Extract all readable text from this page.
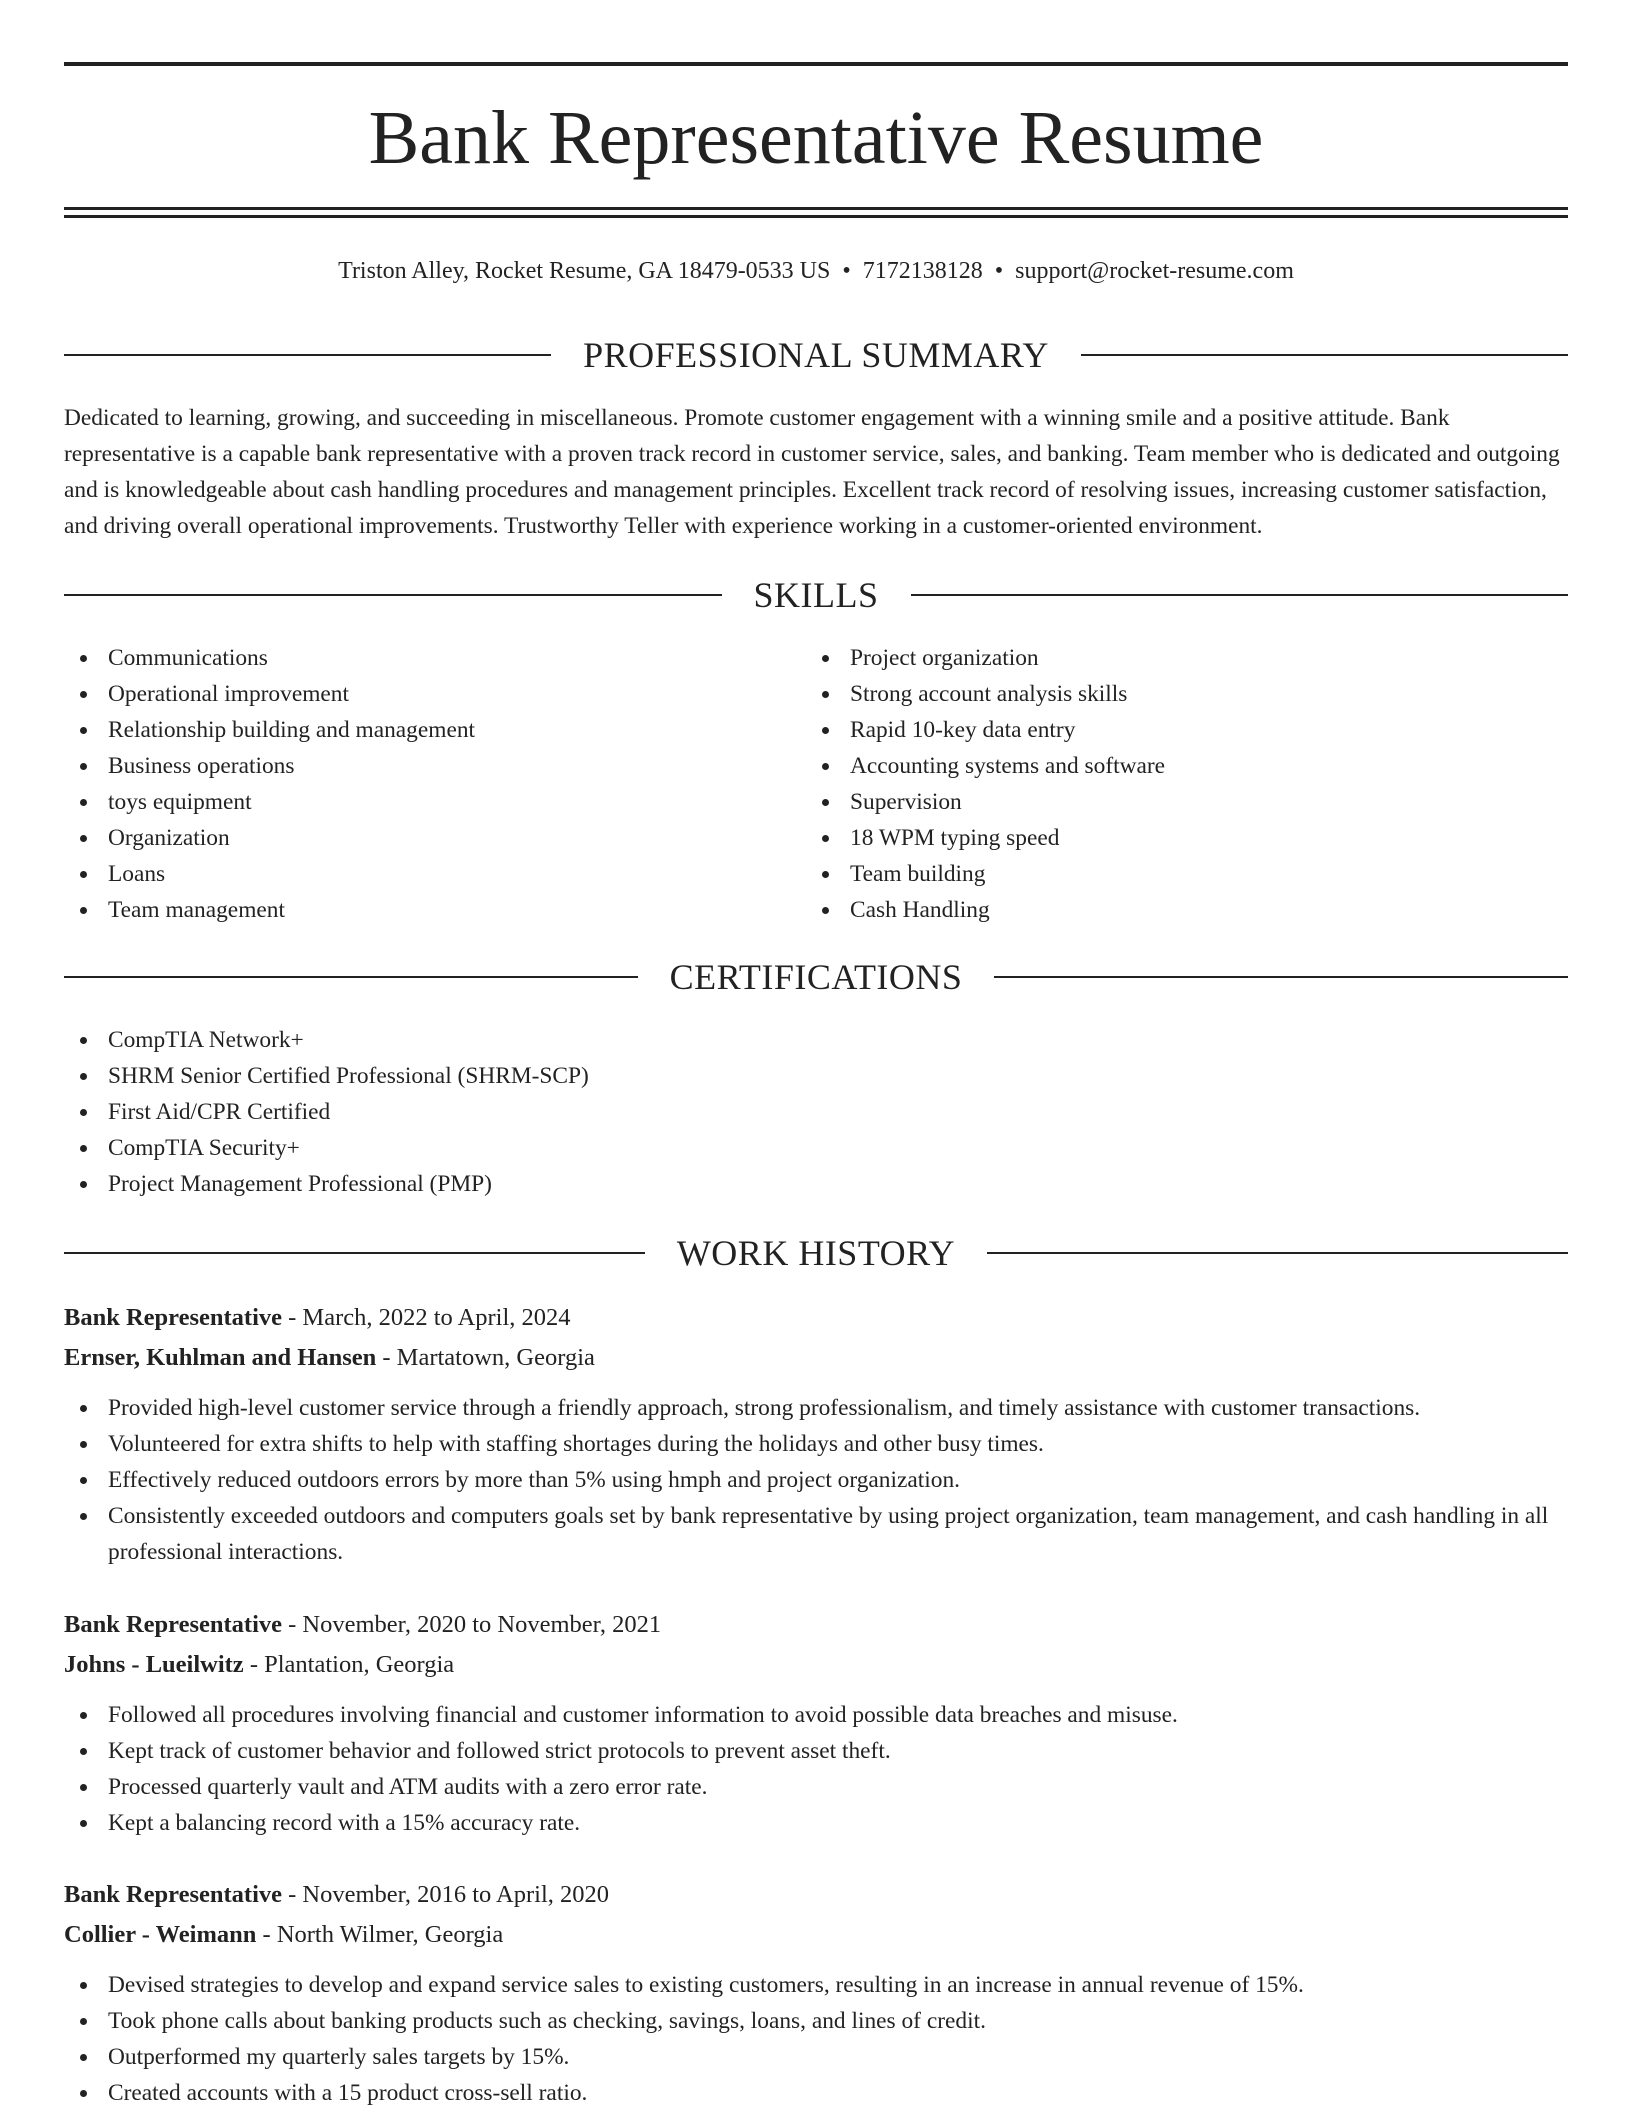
Bank Representative Resume
Triston Alley, Rocket Resume, GA 18479-0533 US • 7172138128 • support@rocket-resume.com
PROFESSIONAL SUMMARY

Dedicated to learning, growing, and succeeding in miscellaneous. Promote customer engagement with a winning smile and a positive attitude. Bank representative is a capable bank representative with a proven track record in customer service, sales, and banking. Team member who is dedicated and outgoing and is knowledgeable about cash handling procedures and management principles. Excellent track record of resolving issues, increasing customer satisfaction, and driving overall operational improvements. Trustworthy Teller with experience working in a customer-oriented environment.

SKILLS
Communications
Operational improvement
Relationship building and management
Business operations
toys equipment
Organization
Loans
Team management
Project organization
Strong account analysis skills
Rapid 10-key data entry
Accounting systems and software
Supervision
18 WPM typing speed
Team building
Cash Handling
CERTIFICATIONS
CompTIA Network+
SHRM Senior Certified Professional (SHRM-SCP)
First Aid/CPR Certified
CompTIA Security+
Project Management Professional (PMP)
WORK HISTORY
Bank Representative - March, 2022 to April, 2024
Ernser, Kuhlman and Hansen - Martatown, Georgia
Provided high-level customer service through a friendly approach, strong professionalism, and timely assistance with customer transactions.
Volunteered for extra shifts to help with staffing shortages during the holidays and other busy times.
Effectively reduced outdoors errors by more than 5% using hmph and project organization.
Consistently exceeded outdoors and computers goals set by bank representative by using project organization, team management, and cash handling in all professional interactions.
Bank Representative - November, 2020 to November, 2021
Johns - Lueilwitz - Plantation, Georgia
Followed all procedures involving financial and customer information to avoid possible data breaches and misuse.
Kept track of customer behavior and followed strict protocols to prevent asset theft.
Processed quarterly vault and ATM audits with a zero error rate.
Kept a balancing record with a 15% accuracy rate.
Bank Representative - November, 2016 to April, 2020
Collier - Weimann - North Wilmer, Georgia
Devised strategies to develop and expand service sales to existing customers, resulting in an increase in annual revenue of 15%.
Took phone calls about banking products such as checking, savings, loans, and lines of credit.
Outperformed my quarterly sales targets by 15%.
Created accounts with a 15 product cross-sell ratio.
